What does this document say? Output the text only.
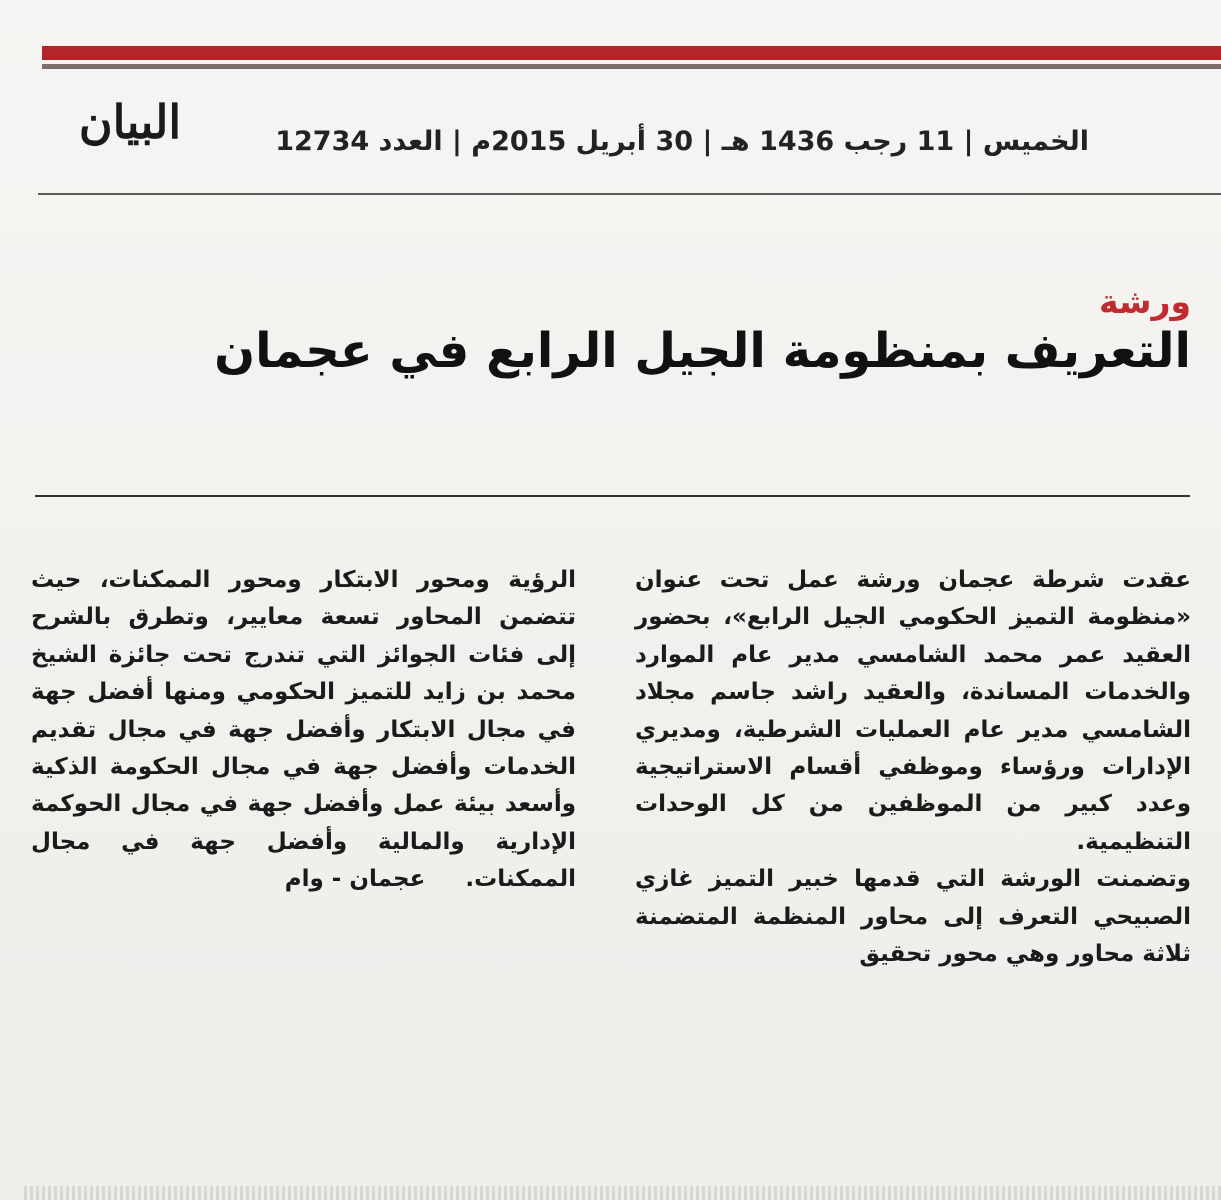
البيان	الخميس | 11 رجب 1436 هـ | 30 أبريل 2015م | العدد 12734
ورشة
التعريف بمنظومة الجيل الرابع في عجمان

عقدت شرطة عجمان ورشة عمل تحت عنوان «منظومة التميز الحكومي الجيل الرابع»، بحضور العقيد عمر محمد الشامسي مدير عام الموارد والخدمات المساندة، والعقيد راشد جاسم مجلاد الشامسي مدير عام العمليات الشرطية، ومديري الإدارات ورؤساء وموظفي أقسام الاستراتيجية وعدد كبير من الموظفين من كل الوحدات التنظيمية.

وتضمنت الورشة التي قدمها خبير التميز غازي الصبيحي التعرف إلى محاور المنظمة المتضمنة ثلاثة محاور وهي محور تحقيق

الرؤية ومحور الابتكار ومحور الممكنات، حيث تتضمن المحاور تسعة معايير، وتطرق بالشرح إلى فئات الجوائز التي تندرج تحت جائزة الشيخ محمد بن زايد للتميز الحكومي ومنها أفضل جهة في مجال الابتكار وأفضل جهة في مجال تقديم الخدمات وأفضل جهة في مجال الحكومة الذكية وأسعد بيئة عمل وأفضل جهة في مجال الحوكمة الإدارية والمالية وأفضل جهة في مجال الممكنات.     عجمان - وام
